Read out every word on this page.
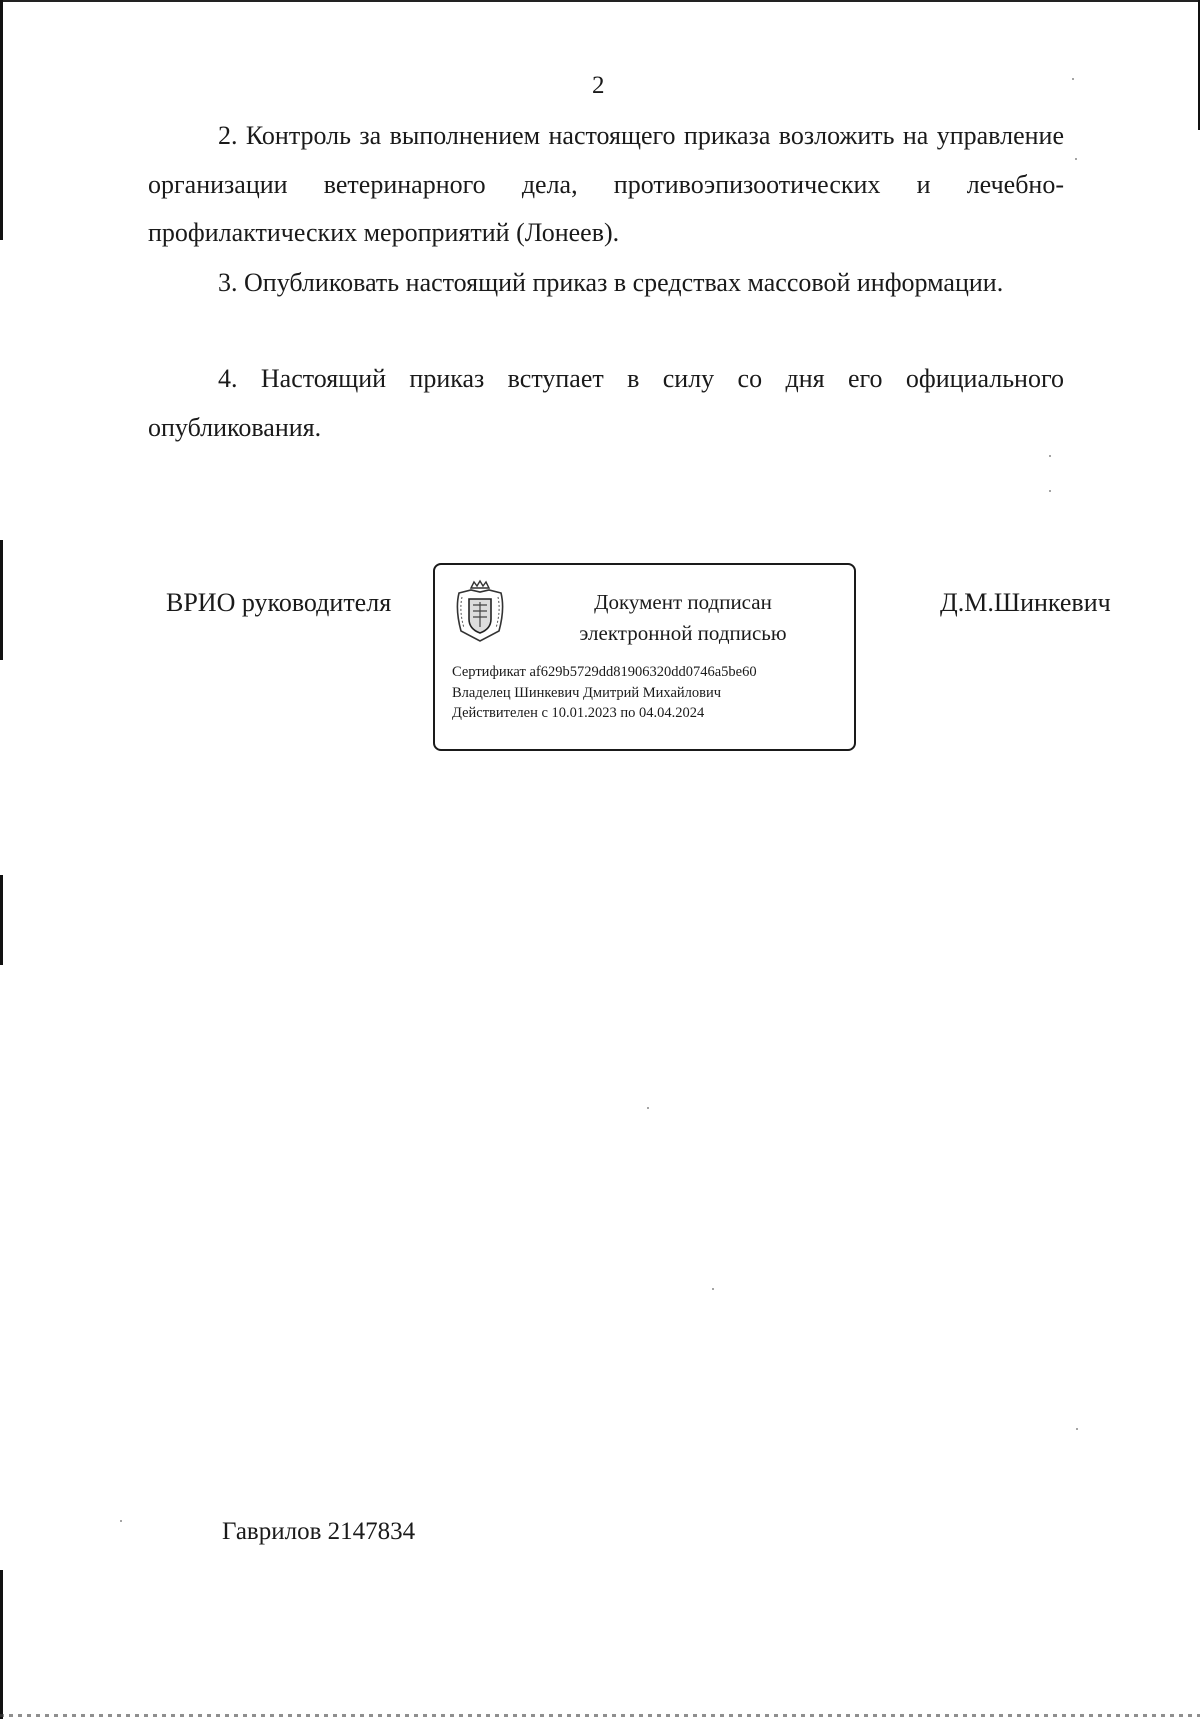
2
2. Контроль за выполнением настоящего приказа возложить на управление организации ветеринарного дела, противоэпизоотических и лечебно-профилактических мероприятий (Лонеев).
3. Опубликовать настоящий приказ в средствах массовой информации.
4. Настоящий приказ вступает в силу со дня его официального опубликования.
ВРИО руководителя	Документ подписан
электронной подписью
Сертификат af629b5729dd81906320dd0746a5be60
Владелец Шинкевич Дмитрий Михайлович
Действителен с 10.01.2023 по 04.04.2024
Д.М.Шинкевич
Гаврилов 2147834
